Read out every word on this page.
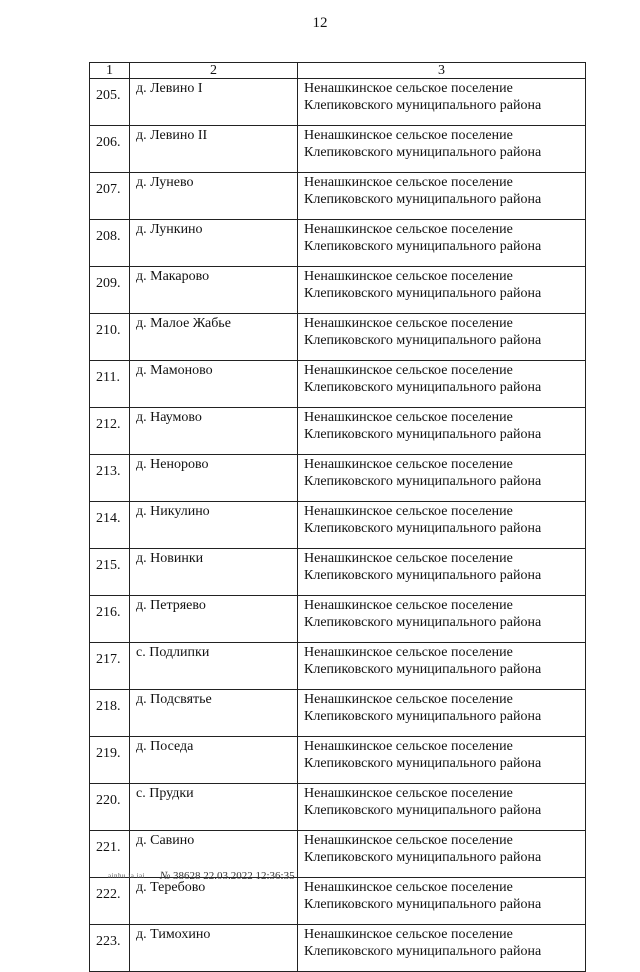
12
1	2	3
205.	д. Левино I	Ненашкинское сельское поселение
Клепиковского муниципального района

206.	д. Левино II	Ненашкинское сельское поселение
Клепиковского муниципального района

207.	д. Лунево	Ненашкинское сельское поселение
Клепиковского муниципального района

208.	д. Лункино	Ненашкинское сельское поселение
Клепиковского муниципального района

209.	д. Макарово	Ненашкинское сельское поселение
Клепиковского муниципального района

210.	д. Малое Жабье	Ненашкинское сельское поселение
Клепиковского муниципального района

211.	д. Мамоново	Ненашкинское сельское поселение
Клепиковского муниципального района

212.	д. Наумово	Ненашкинское сельское поселение
Клепиковского муниципального района

213.	д. Неноровo	Ненашкинское сельское поселение
Клепиковского муниципального района

214.	д. Никулино	Ненашкинское сельское поселение
Клепиковского муниципального района

215.	д. Новинки	Ненашкинское сельское поселение
Клепиковского муниципального района

216.	д. Петряево	Ненашкинское сельское поселение
Клепиковского муниципального района

217.	с. Подлипки	Ненашкинское сельское поселение
Клепиковского муниципального района

218.	д. Подсвятье	Ненашкинское сельское поселение
Клепиковского муниципального района

219.	д. Поседа	Ненашкинское сельское поселение
Клепиковского муниципального района

220.	с. Прудки	Ненашкинское сельское поселение
Клепиковского муниципального района

221.	д. Савино	Ненашкинское сельское поселение
Клепиковского муниципального района

222.	д. Теребово	Ненашкинское сельское поселение
Клепиковского муниципального района

223.	д. Тимохино	Ненашкинское сельское поселение
Клепиковского муниципального района
ainhu ia iai № 38628 22.03.2022 12:36:35
